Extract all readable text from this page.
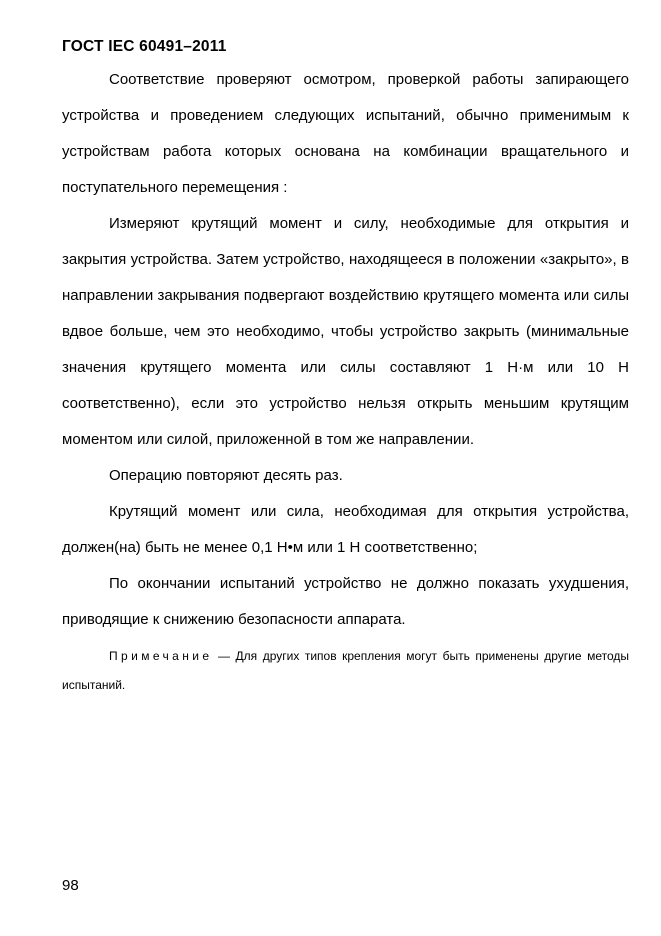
ГОСТ IEC 60491–2011

Соответствие проверяют осмотром, проверкой работы запирающего устройства и проведением следующих испытаний, обычно применимым к устройствам работа которых основана на комбинации вращательного и поступательного перемещения :

Измеряют крутящий момент и силу, необходимые для открытия и закрытия устройства. Затем устройство, находящееся в положении «закрыто», в направлении закрывания подвергают воздействию крутящего момента или силы вдвое больше, чем это необходимо, чтобы устройство закрыть (минимальные значения крутящего момента или силы составляют 1 Н·м или 10 Н соответственно), если это устройство нельзя открыть меньшим крутящим моментом или силой, приложенной в том же направлении.

Операцию повторяют десять раз.

Крутящий момент или сила, необходимая для открытия устройства, должен(на) быть не менее 0,1 Н•м или 1 Н соответственно;

По окончании испытаний устройство не должно показать ухудшения, приводящие к снижению безопасности аппарата.

Примечание — Для других типов крепления могут быть применены другие методы испытаний.

98
